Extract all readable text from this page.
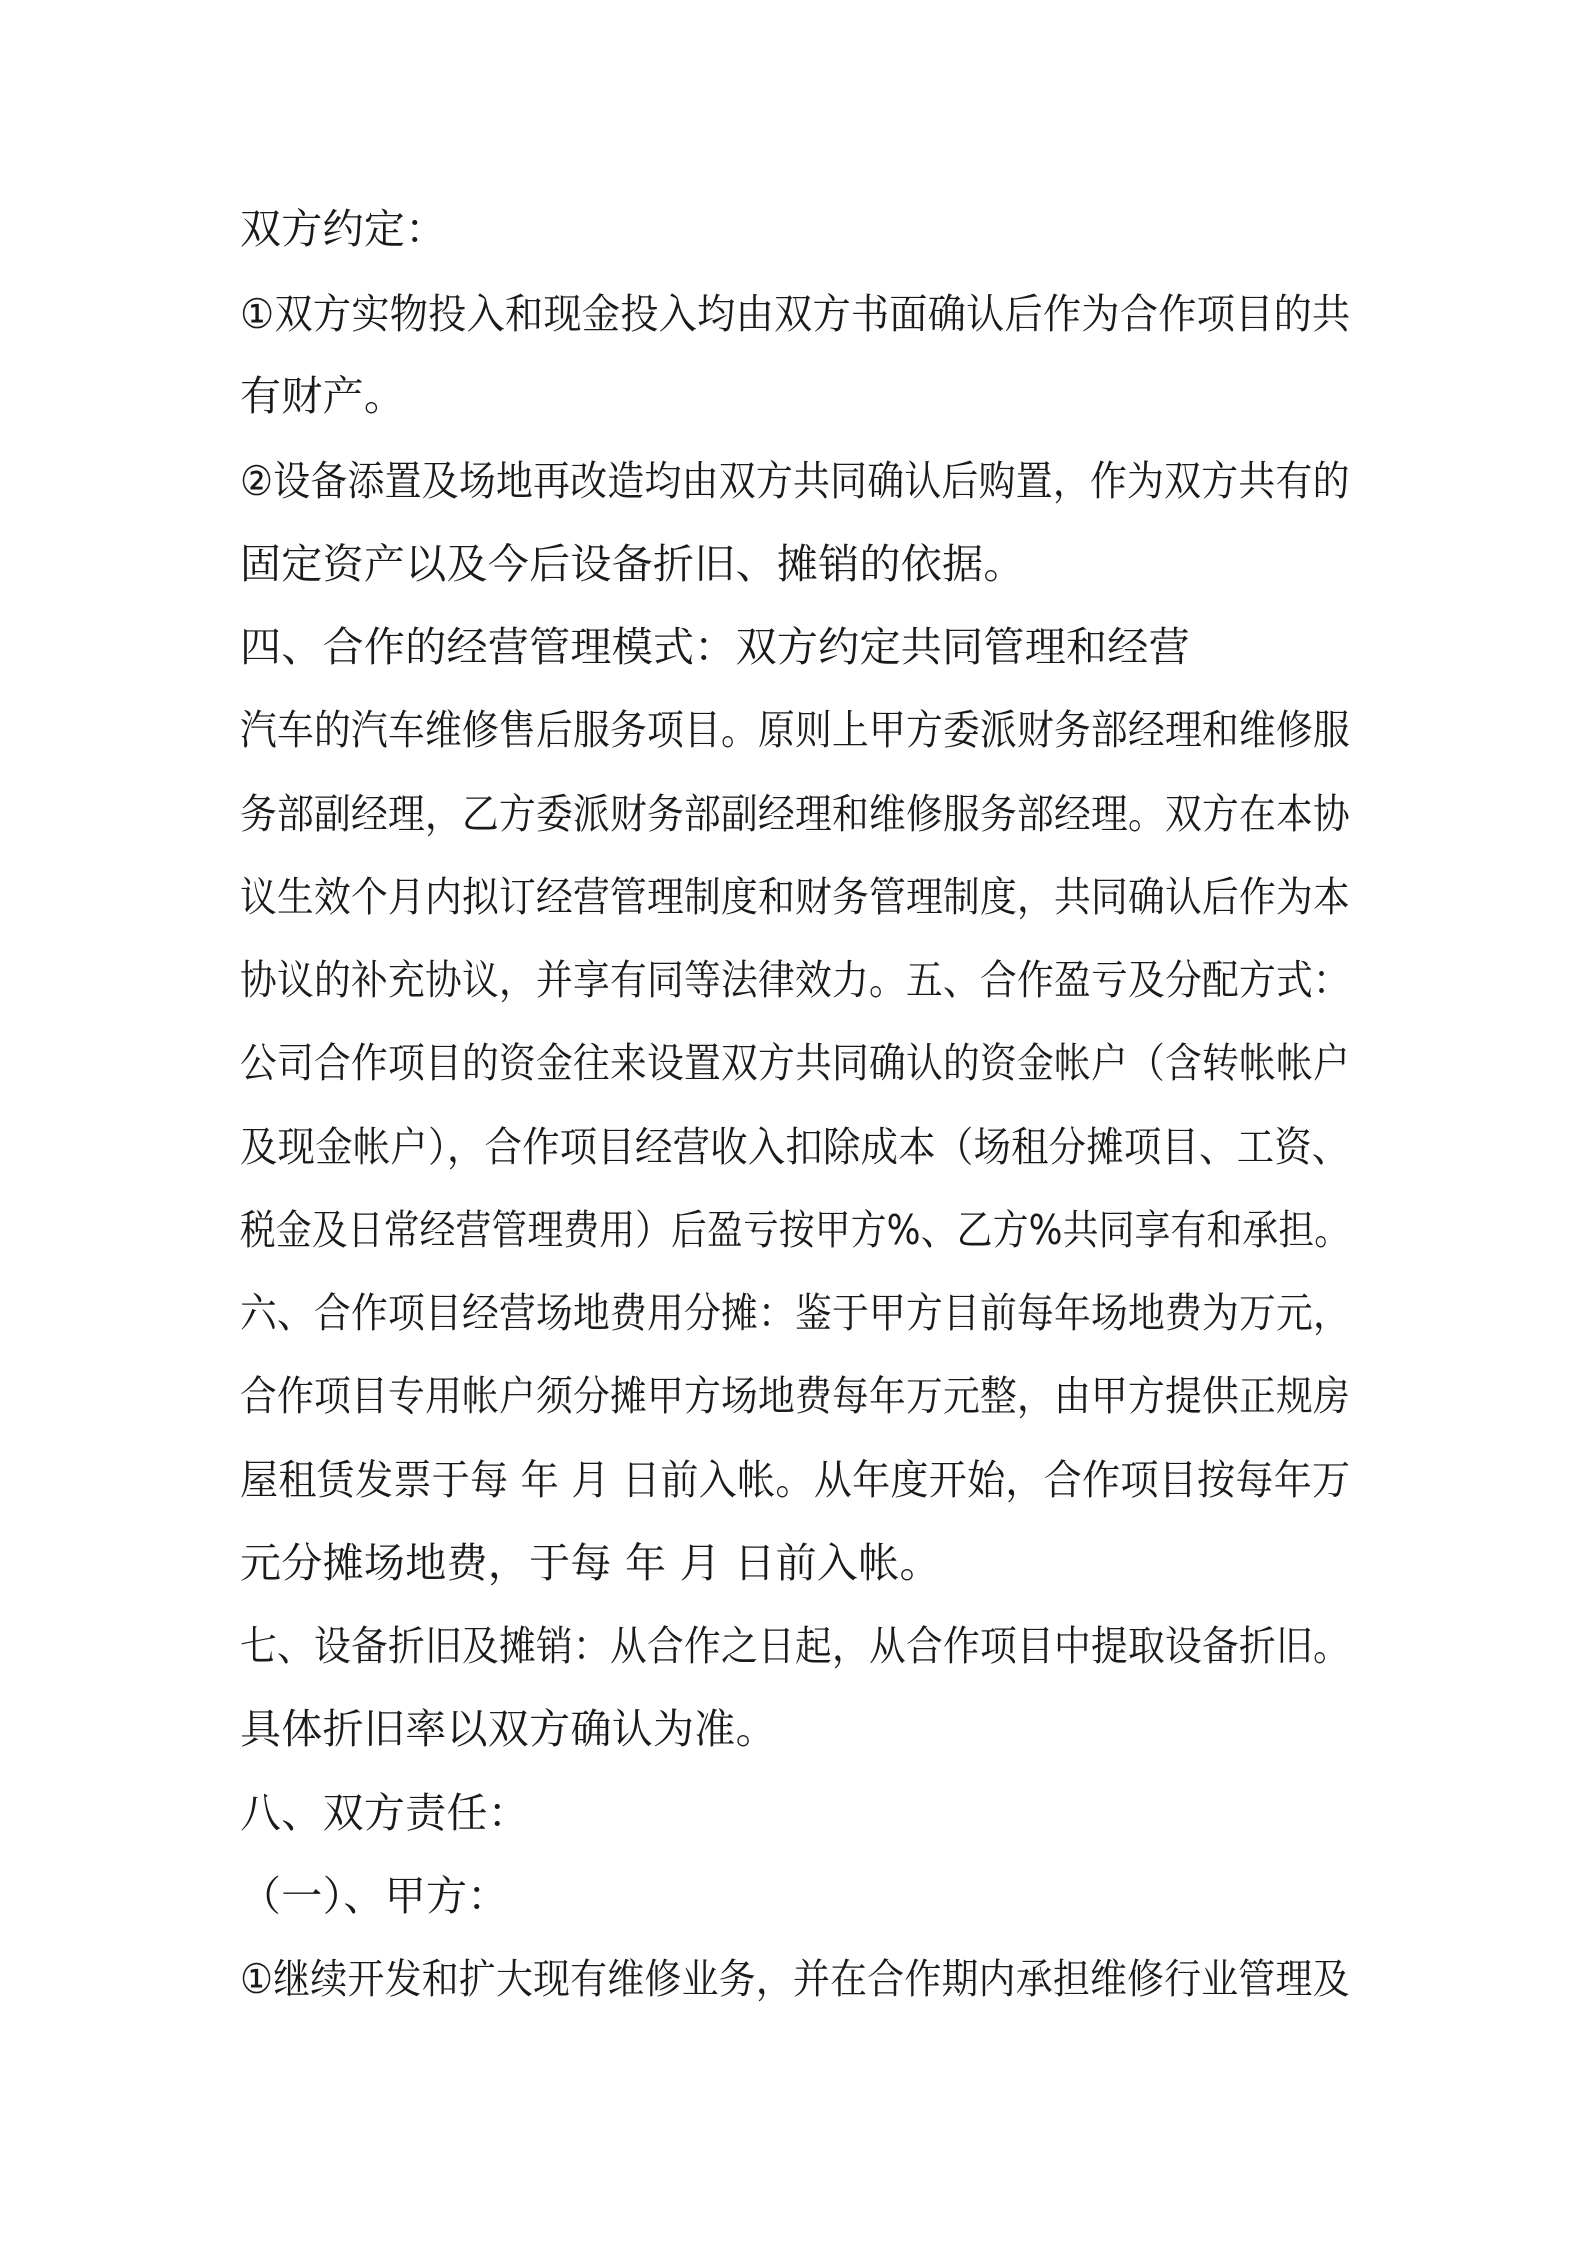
双方约定：

①双方实物投入和现金投入均由双方书面确认后作为合作项目的共

有财产。

②设备添置及场地再改造均由双方共同确认后购置，作为双方共有的

固定资产以及今后设备折旧、摊销的依据。

四、合作的经营管理模式：双方约定共同管理和经营

汽车的汽车维修售后服务项目。原则上甲方委派财务部经理和维修服

务部副经理，乙方委派财务部副经理和维修服务部经理。双方在本协

议生效个月内拟订经营管理制度和财务管理制度，共同确认后作为本

协议的补充协议，并享有同等法律效力。五、合作盈亏及分配方式：

公司合作项目的资金往来设置双方共同确认的资金帐户（含转帐帐户

及现金帐户），合作项目经营收入扣除成本（场租分摊项目、工资、

税金及日常经营管理费用）后盈亏按甲方%、乙方%共同享有和承担。

六、合作项目经营场地费用分摊：鉴于甲方目前每年场地费为万元，

合作项目专用帐户须分摊甲方场地费每年万元整，由甲方提供正规房

屋租赁发票于每 年 月 日前入帐。从年度开始，合作项目按每年万

元分摊场地费，于每 年 月 日前入帐。

七、设备折旧及摊销：从合作之日起，从合作项目中提取设备折旧。

具体折旧率以双方确认为准。

八、双方责任：

（一）、甲方：

①继续开发和扩大现有维修业务，并在合作期内承担维修行业管理及
